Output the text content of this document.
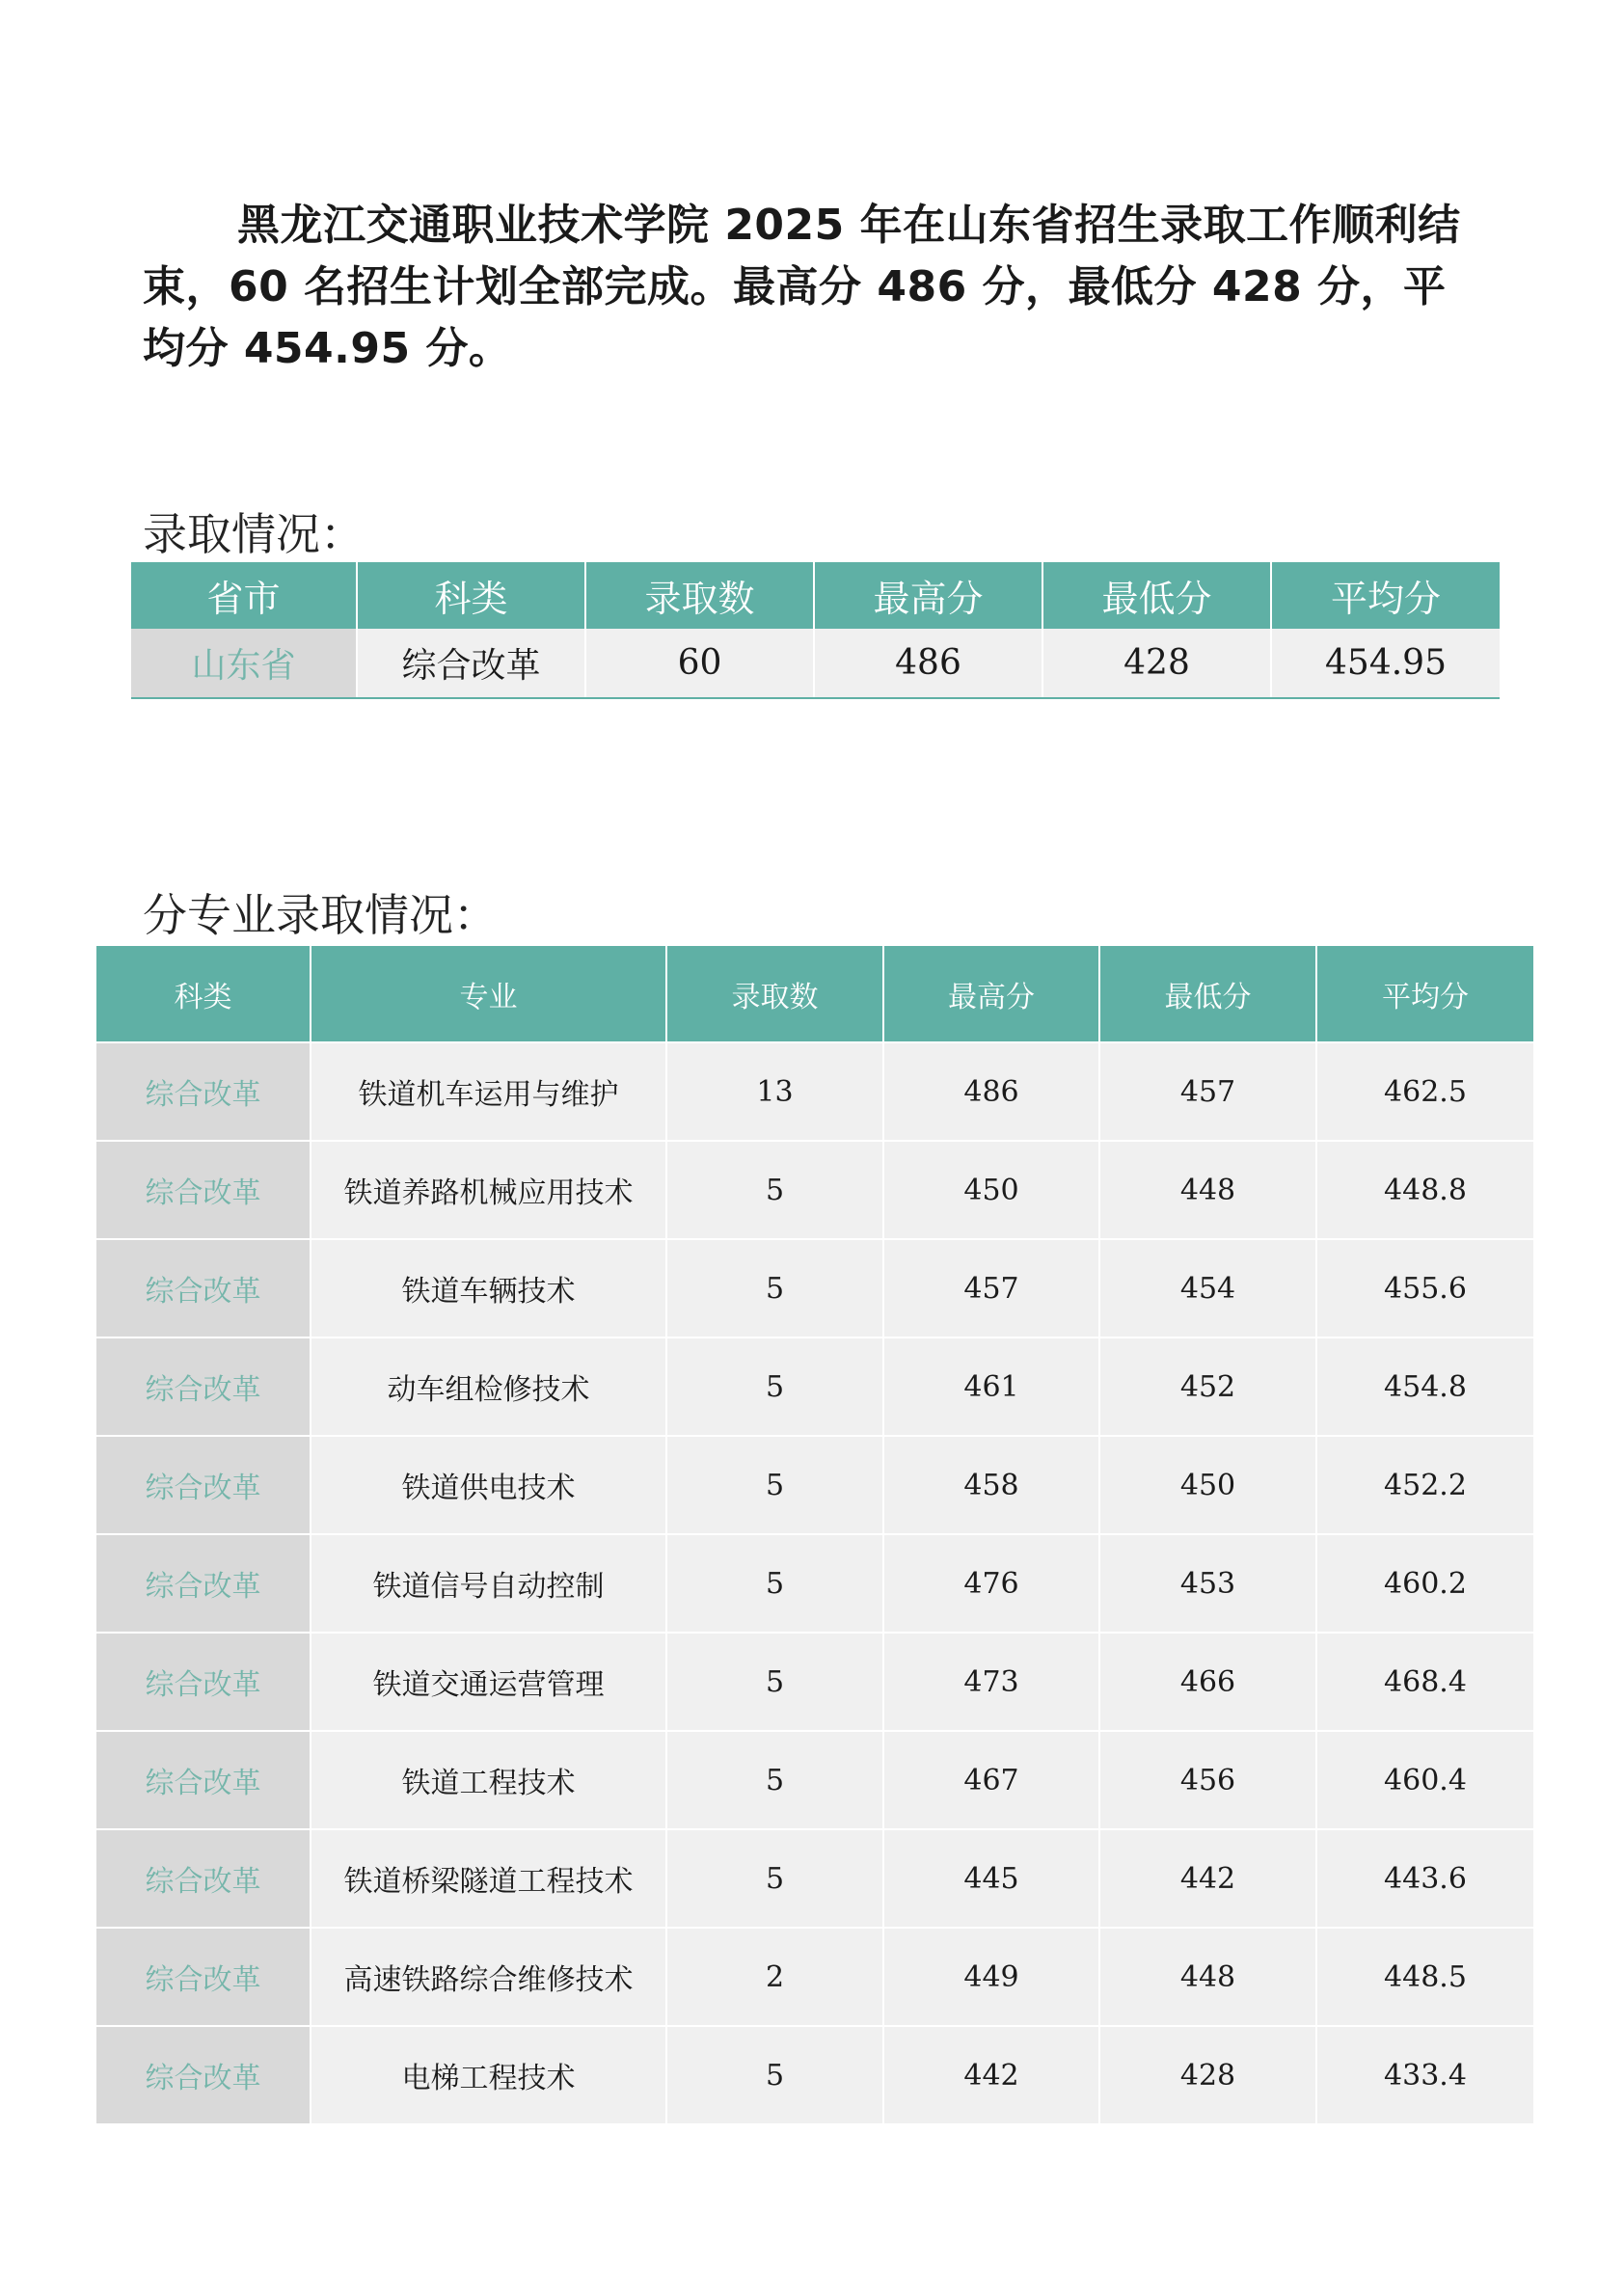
黑龙江交通职业技术学院 2025 年在山东省招生录取工作顺利结束，60 名招生计划全部完成。最高分 486 分，最低分 428 分，平均分 454.95 分。

录取情况：
省市	科类	录取数	最高分	最低分	平均分
山东省	综合改革	60	486	428	454.95
分专业录取情况：
科类	专业	录取数	最高分	最低分	平均分
综合改革	铁道机车运用与维护	13	486	457	462.5
综合改革	铁道养路机械应用技术	5	450	448	448.8
综合改革	铁道车辆技术	5	457	454	455.6
综合改革	动车组检修技术	5	461	452	454.8
综合改革	铁道供电技术	5	458	450	452.2
综合改革	铁道信号自动控制	5	476	453	460.2
综合改革	铁道交通运营管理	5	473	466	468.4
综合改革	铁道工程技术	5	467	456	460.4
综合改革	铁道桥梁隧道工程技术	5	445	442	443.6
综合改革	高速铁路综合维修技术	2	449	448	448.5
综合改革	电梯工程技术	5	442	428	433.4
